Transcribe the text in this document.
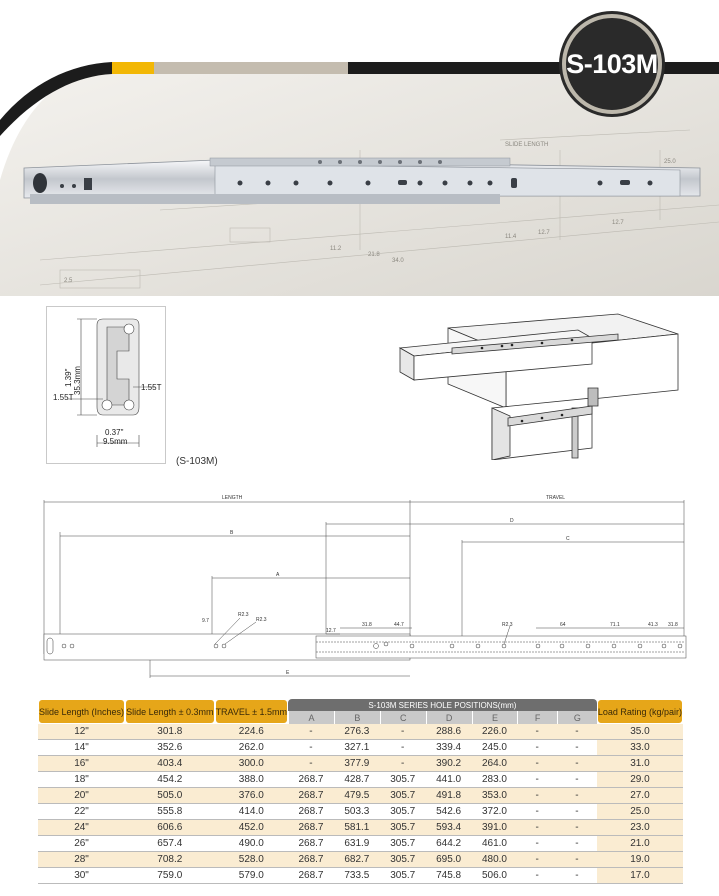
SLIDE LENGTH
25.0
11.2
21.8
34.0
11.4
12.7
12.7
2.5
S-103M
1.39" 35.3mm
1.55T
1.55T
0.37"
9.5mm
(S-103M)
LENGTH	TRAVEL
B
A
D
C
E
9.7
R2.3
R2.3
12.7
31.8	44.7	R2.3	64	71.1	41.3 31.8
Slide Length (Inches)	Slide Length ± 0.3mm	TRAVEL ± 1.5mm	S-103M SERIES HOLE POSITIONS(mm)							Load Rating (kg/pair)
			A	B	C	D	E	F	G	
12"	301.8	224.6	-	276.3	-	288.6	226.0	-	-	35.0
14"	352.6	262.0	-	327.1	-	339.4	245.0	-	-	33.0
16"	403.4	300.0	-	377.9	-	390.2	264.0	-	-	31.0
18"	454.2	388.0	268.7	428.7	305.7	441.0	283.0	-	-	29.0
20"	505.0	376.0	268.7	479.5	305.7	491.8	353.0	-	-	27.0
22"	555.8	414.0	268.7	503.3	305.7	542.6	372.0	-	-	25.0
24"	606.6	452.0	268.7	581.1	305.7	593.4	391.0	-	-	23.0
26"	657.4	490.0	268.7	631.9	305.7	644.2	461.0	-	-	21.0
28"	708.2	528.0	268.7	682.7	305.7	695.0	480.0	-	-	19.0
30"	759.0	579.0	268.7	733.5	305.7	745.8	506.0	-	-	17.0
